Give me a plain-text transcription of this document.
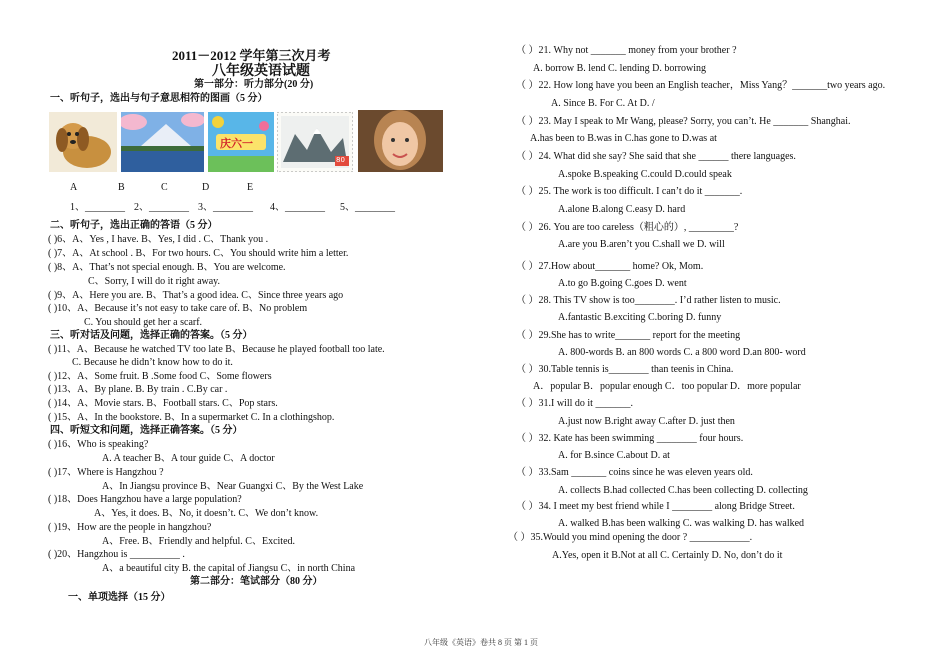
2011－2012 学年第三次月考
八年级英语试题
第一部分：听力部分(20 分)
一、听句子，选出与句子意思相符的图画（5 分）
庆六一
80
A	B	C	D	E
1、________ 2、________ 3、________ 4、________ 5、________
二、听句子，选出正确的答语（5 分）
( )6、A、Yes , I have. B、Yes, I did . C、Thank you .
( )7、A、At school . B、For two hours. C、You should write him a letter.
( )8、A、That’s not special enough. B、You are welcome.
C、Sorry, I will do it right away.
( )9、A、Here you are. B、That’s a good idea. C、Since three years ago
( )10、A、Because it’s not easy to take care of. B、No problem
C. You should get her a scarf.
三、听对话及问题，选择正确的答案。（5 分）
( )11、A、Because he watched TV too late B、Because he played football too late.
C. Because he didn’t know how to do it.
( )12、A、Some fruit. B .Some food C、Some flowers
( )13、A、By plane. B. By train . C.By car .
( )14、A、Movie stars. B、Football stars. C、Pop stars.
( )15、A、In the bookstore. B、In a supermarket C. In a clothingshop.
四、听短文和问题，选择正确答案。（5 分）
( )16、Who is speaking?
A. A teacher B、A tour guide C、A doctor
( )17、Where is Hangzhou ?
A、In Jiangsu province B、Near Guangxi C、By the West Lake
( )18、Does Hangzhou have a large population?
A、Yes, it does. B、No, it doesn’t. C、We don’t know.
( )19、How are the people in hangzhou?
A、Free. B、Friendly and helpful. C、Excited.
( )20、Hangzhou is __________ .
A、a beautiful city B. the capital of Jiangsu C、in north China
第二部分：笔试部分（80 分）
一、单项选择（15 分）
（ ）21. Why not _______ money from your brother ?
A. borrow B. lend C. lending D. borrowing
（ ）22. How long have you been an English teacher，Miss Yang？_______two years ago.
A. Since B. For C. At D. /
（ ）23. May I speak to Mr Wang, please? Sorry, you can’t. He _______ Shanghai.
A.has been to B.was in C.has gone to D.was at
（ ）24. What did she say? She said that she ______ there languages.
A.spoke B.speaking C.could D.could speak
（ ）25. The work is too difficult. I can’t do it _______.
A.alone B.along C.easy D. hard
（ ）26. You are too careless（粗心的）, _________?
A.are you B.aren’t you C.shall we D. will
（ ）27.How about_______ home? Ok, Mom.
A.to go B.going C.goes D. went
（ ）28. This TV show is too________. I’d rather listen to music.
A.fantastic B.exciting C.boring D. funny
（ ）29.She has to write_______ report for the meeting
A. 800-words B. an 800 words C. a 800 word D.an 800- word
（ ）30.Table tennis is________ than teenis in China.
A．popular B．popular enough C．too popular D．more popular
（ ）31.I will do it _______.
A.just now B.right away C.after D. just then
（ ）32. Kate has been swimming ________ four hours.
A. for B.since C.about D. at
（ ）33.Sam _______ coins since he was eleven years old.
A. collects B.had collected C.has been collecting D. collecting
（ ）34. I meet my best friend while I ________ along Bridge Street.
A. walked B.has been walking C. was walking D. has walked
（ ）35.Would you mind opening the door ? ____________.
A.Yes, open it B.Not at all C. Certainly D. No, don’t do it
八年级《英语》卷共 8 页 第 1 页
